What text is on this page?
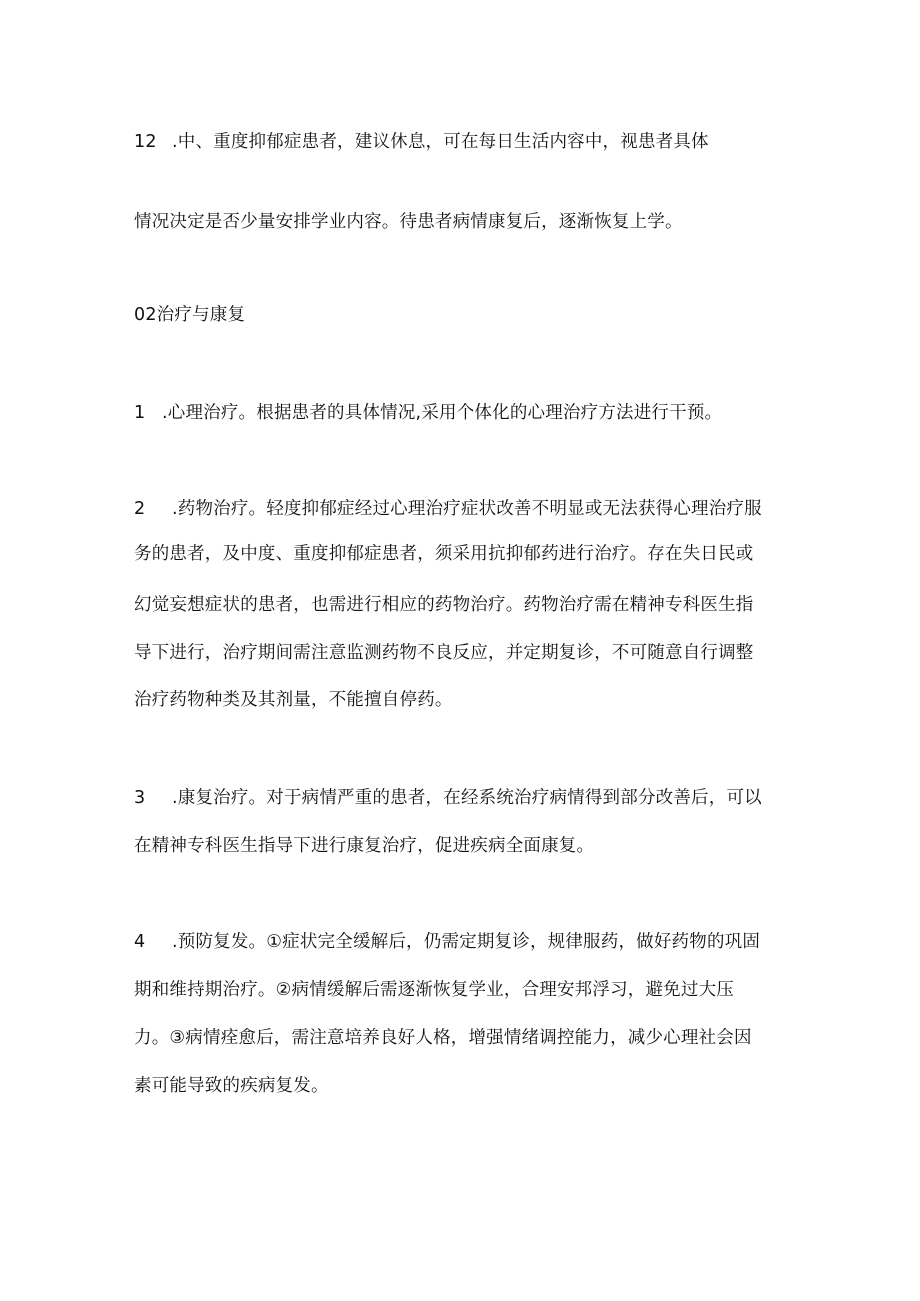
12 .中、重度抑郁症患者，建议休息，可在每日生活内容中，视患者具体
情况决定是否少量安排学业内容。待患者病情康复后，逐渐恢复上学。
02治疗与康复
1 .心理治疗。根据患者的具体情况,采用个体化的心理治疗方法进行干预。
2 .药物治疗。轻度抑郁症经过心理治疗症状改善不明显或无法获得心理治疗服
务的患者，及中度、重度抑郁症患者，须采用抗抑郁药进行治疗。存在失日民或
幻觉妄想症状的患者，也需进行相应的药物治疗。药物治疗需在精神专科医生指
导下进行，治疗期间需注意监测药物不良反应，并定期复诊，不可随意自行调整
治疗药物种类及其剂量，不能擅自停药。
3 .康复治疗。对于病情严重的患者，在经系统治疗病情得到部分改善后，可以
在精神专科医生指导下进行康复治疗，促进疾病全面康复。
4 .预防复发。①症状完全缓解后，仍需定期复诊，规律服药，做好药物的巩固
期和维持期治疗。②病情缓解后需逐渐恢复学业，合理安邦浮习，避免过大压
力。③病情痊愈后，需注意培养良好人格，增强情绪调控能力，减少心理社会因
素可能导致的疾病复发。
